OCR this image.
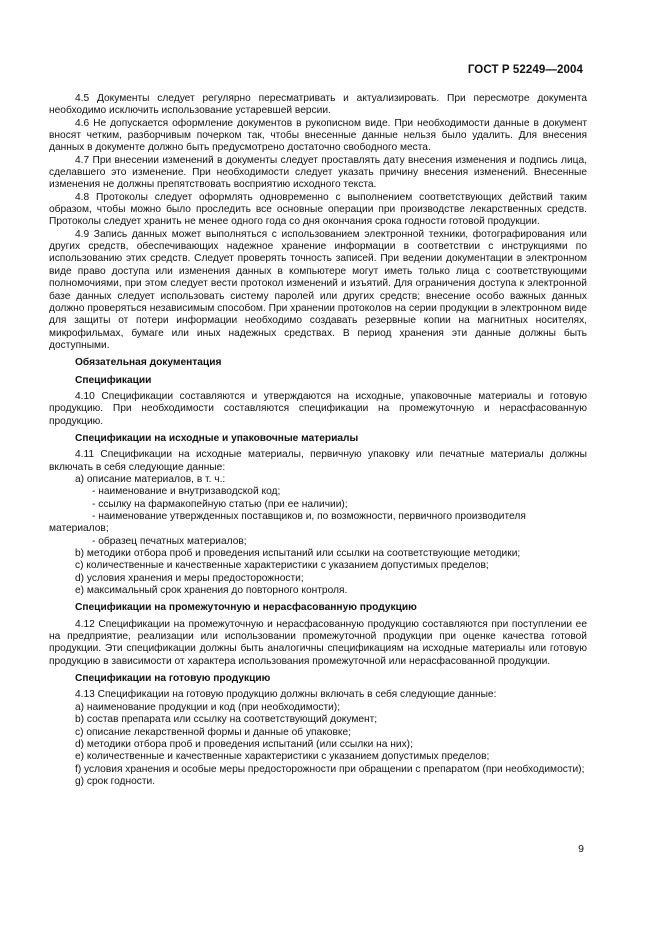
ГОСТ Р 52249—2004
4.5 Документы следует регулярно пересматривать и актуализировать. При пересмотре документа необходимо исключить использование устаревшей версии.
4.6 Не допускается оформление документов в рукописном виде. При необходимости данные в документ вносят четким, разборчивым почерком так, чтобы внесенные данные нельзя было удалить. Для внесения данных в документе должно быть предусмотрено достаточно свободного места.
4.7 При внесении изменений в документы следует проставлять дату внесения изменения и подпись лица, сделавшего это изменение. При необходимости следует указать причину внесения изменений. Внесенные изменения не должны препятствовать восприятию исходного текста.
4.8 Протоколы следует оформлять одновременно с выполнением соответствующих действий таким образом, чтобы можно было проследить все основные операции при производстве лекарственных средств. Протоколы следует хранить не менее одного года со дня окончания срока годности готовой продукции.
4.9 Запись данных может выполняться с использованием электронной техники, фотографирования или других средств, обеспечивающих надежное хранение информации в соответствии с инструкциями по использованию этих средств. Следует проверять точность записей. При ведении документации в электронном виде право доступа или изменения данных в компьютере могут иметь только лица с соответствующими полномочиями, при этом следует вести протокол изменений и изъятий. Для ограничения доступа к электронной базе данных следует использовать систему паролей или других средств; внесение особо важных данных должно проверяться независимым способом. При хранении протоколов на серии продукции в электронном виде для защиты от потери информации необходимо создавать резервные копии на магнитных носителях, микрофильмах, бумаге или иных надежных средствах. В период хранения эти данные должны быть доступными.
Обязательная документация
Спецификации
4.10 Спецификации составляются и утверждаются на исходные, упаковочные материалы и готовую продукцию. При необходимости составляются спецификации на промежуточную и нерасфасованную продукцию.
Спецификации на исходные и упаковочные материалы
4.11 Спецификации на исходные материалы, первичную упаковку или печатные материалы должны включать в себя следующие данные:
a) описание материалов, в т. ч.:
- наименование и внутризаводской код;
- ссылку на фармакопейную статью (при ее наличии);
- наименование утвержденных поставщиков и, по возможности, первичного производителя
материалов;
- образец печатных материалов;
b) методики отбора проб и проведения испытаний или ссылки на соответствующие методики;
c) количественные и качественные характеристики с указанием допустимых пределов;
d) условия хранения и меры предосторожности;
e) максимальный срок хранения до повторного контроля.
Спецификации на промежуточную и нерасфасованную продукцию
4.12 Спецификации на промежуточную и нерасфасованную продукцию составляются при поступлении ее на предприятие, реализации или использовании промежуточной продукции при оценке качества готовой продукции. Эти спецификации должны быть аналогичны спецификациям на исходные материалы или готовую продукцию в зависимости от характера использования промежуточной или нерасфасованной продукции.
Спецификации на готовую продукцию
4.13 Спецификации на готовую продукцию должны включать в себя следующие данные:
a) наименование продукции и код (при необходимости);
b) состав препарата или ссылку на соответствующий документ;
c) описание лекарственной формы и данные об упаковке;
d) методики отбора проб и проведения испытаний (или ссылки на них);
e) количественные и качественные характеристики с указанием допустимых пределов;
f) условия хранения и особые меры предосторожности при обращении с препаратом (при необходимости);
g) срок годности.
9
